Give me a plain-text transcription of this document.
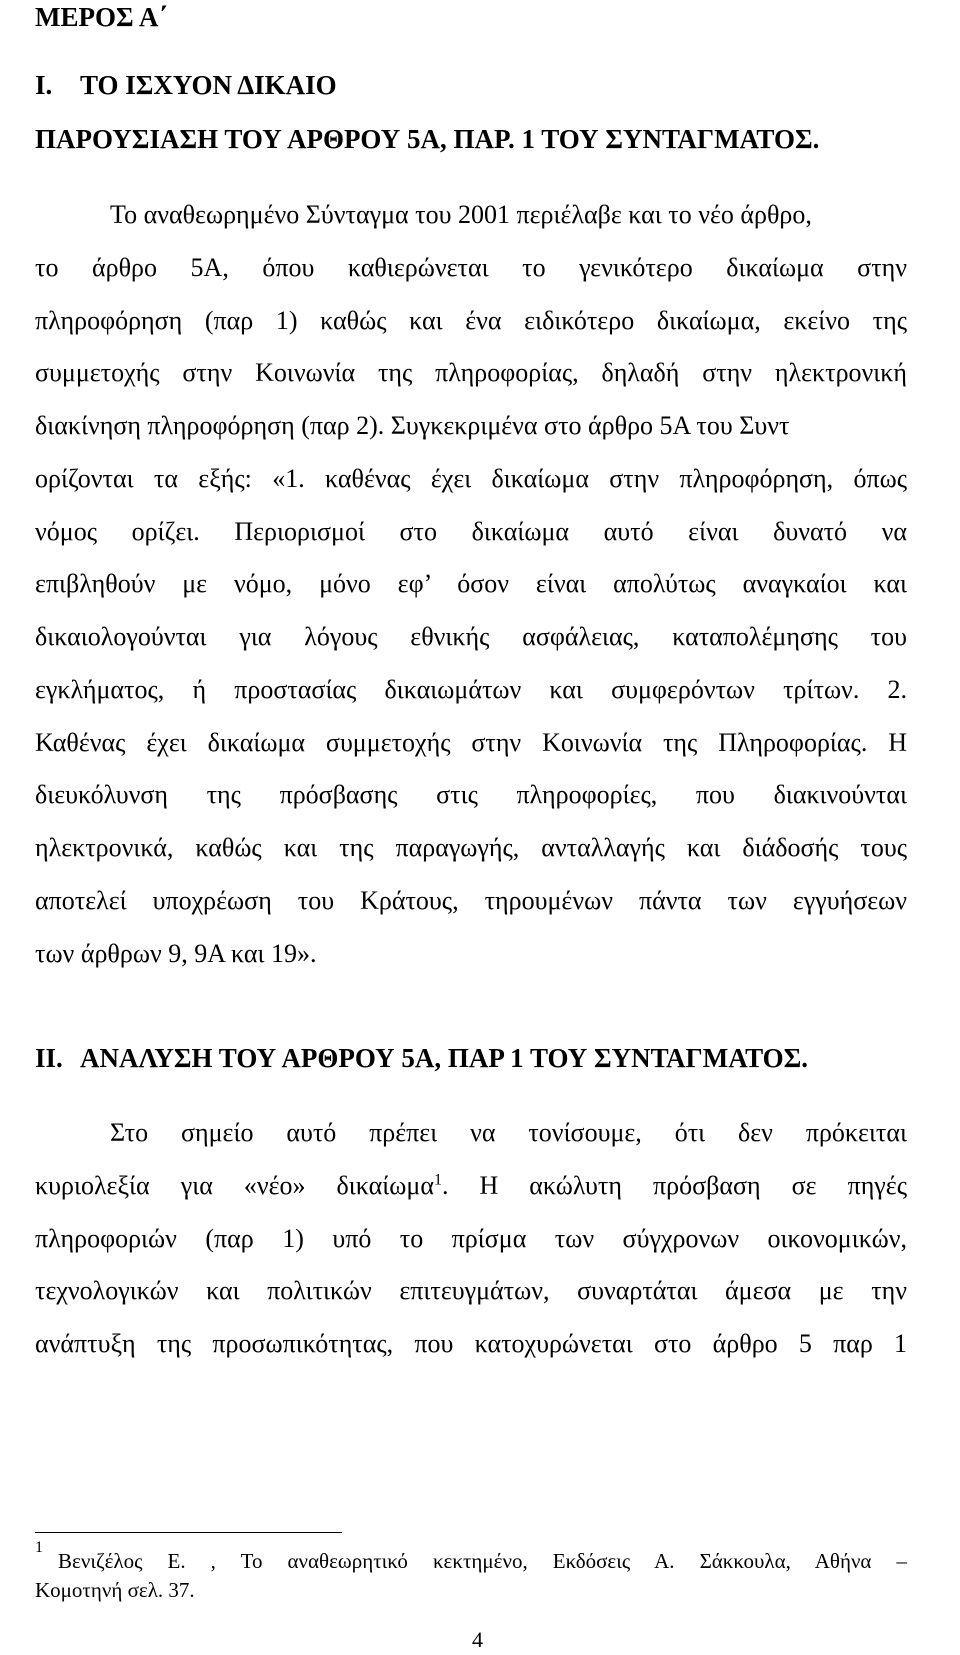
ΜΕΡΟΣ Α΄
Ι. ΤΟ ΙΣΧΥΟΝ ΔΙΚΑΙΟ
ΠΑΡΟΥΣΙΑΣΗ ΤΟΥ ΑΡΘΡΟΥ 5Α, ΠΑΡ. 1 ΤΟΥ ΣΥΝΤΑΓΜΑΤΟΣ.
Το αναθεωρημένο Σύνταγμα του 2001 περιέλαβε και το νέο άρθρο,
το άρθρο 5Α, όπου καθιερώνεται το γενικότερο δικαίωμα στην
πληροφόρηση (παρ 1) καθώς και ένα ειδικότερο δικαίωμα, εκείνο της
συμμετοχής στην Κοινωνία της πληροφορίας, δηλαδή στην ηλεκτρονική
διακίνηση πληροφόρηση (παρ 2). Συγκεκριμένα στο άρθρο 5Α του Συντ
ορίζονται τα εξής: «1. καθένας έχει δικαίωμα στην πληροφόρηση, όπως
νόμος ορίζει. Περιορισμοί στο δικαίωμα αυτό είναι δυνατό να
επιβληθούν με νόμο, μόνο εφ’ όσον είναι απολύτως αναγκαίοι και
δικαιολογούνται για λόγους εθνικής ασφάλειας, καταπολέμησης του
εγκλήματος, ή προστασίας δικαιωμάτων και συμφερόντων τρίτων. 2.
Καθένας έχει δικαίωμα συμμετοχής στην Κοινωνία της Πληροφορίας. Η
διευκόλυνση της πρόσβασης στις πληροφορίες, που διακινούνται
ηλεκτρονικά, καθώς και της παραγωγής, ανταλλαγής και διάδοσής τους
αποτελεί υποχρέωση του Κράτους, τηρουμένων πάντα των εγγυήσεων
των άρθρων 9, 9Α και 19».
ΙΙ. ΑΝΑΛΥΣΗ ΤΟΥ ΑΡΘΡΟΥ 5Α, ΠΑΡ 1 ΤΟΥ ΣΥΝΤΑΓΜΑΤΟΣ.
Στο σημείο αυτό πρέπει να τονίσουμε, ότι δεν πρόκειται
κυριολεξία για «νέο» δικαίωμα$^1$. Η ακώλυτη πρόσβαση σε πηγές
πληροφοριών (παρ 1) υπό το πρίσμα των σύγχρονων οικονομικών,
τεχνολογικών και πολιτικών επιτευγμάτων, συναρτάται άμεσα με την
ανάπτυξη της προσωπικότητας, που κατοχυρώνεται στο άρθρο 5 παρ 1
$^1$
Βενιζέλος Ε. , Το αναθεωρητικό κεκτημένο, Εκδόσεις Α. Σάκκουλα, Αθήνα –
Κομοτηνή σελ. 37.
4
